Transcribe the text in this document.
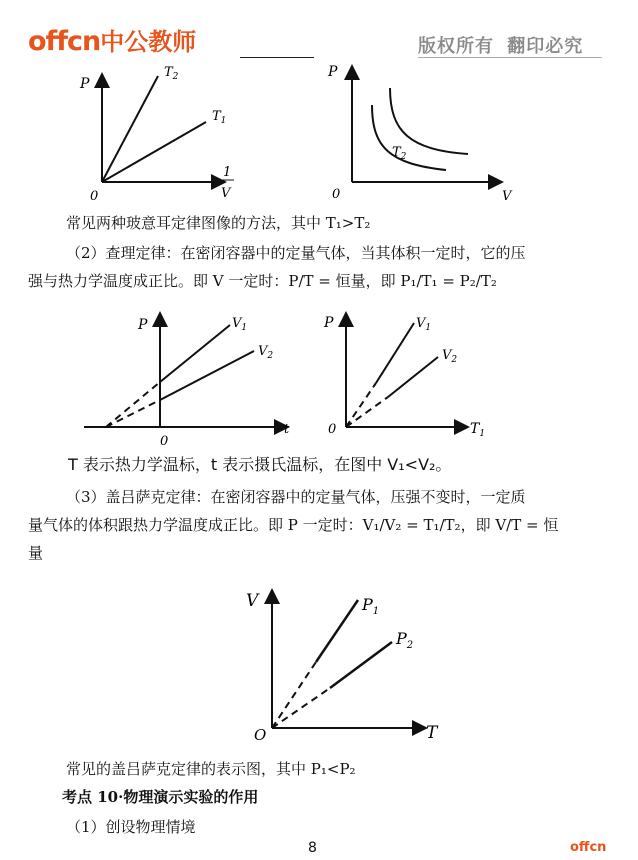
offcn中公教师	版权所有 翻印必究
P
0
$T_2$
$T_1$
1
V
P
0
$T_2$
V
常见两种玻意耳定律图像的方法，其中 T₁>T₂
（2）查理定律：在密闭容器中的定量气体，当其体积一定时，它的压
强与热力学温度成正比。即 V 一定时：P/T = 恒量，即 P₁/T₁ = P₂/T₂
P
0
$V_1$
$V_2$
t
P
0
$V_1$
$V_2$
$T_1$
T 表示热力学温标，t 表示摄氏温标，在图中 V₁<V₂。
（3）盖吕萨克定律：在密闭容器中的定量气体，压强不变时，一定质
量气体的体积跟热力学温度成正比。即 P 一定时：V₁/V₂ = T₁/T₂，即 V/T = 恒
量
V
O
$P_1$
$P_2$
T
常见的盖吕萨克定律的表示图，其中 P₁<P₂
考点 10·物理演示实验的作用
（1）创设物理情境
8	offcn
